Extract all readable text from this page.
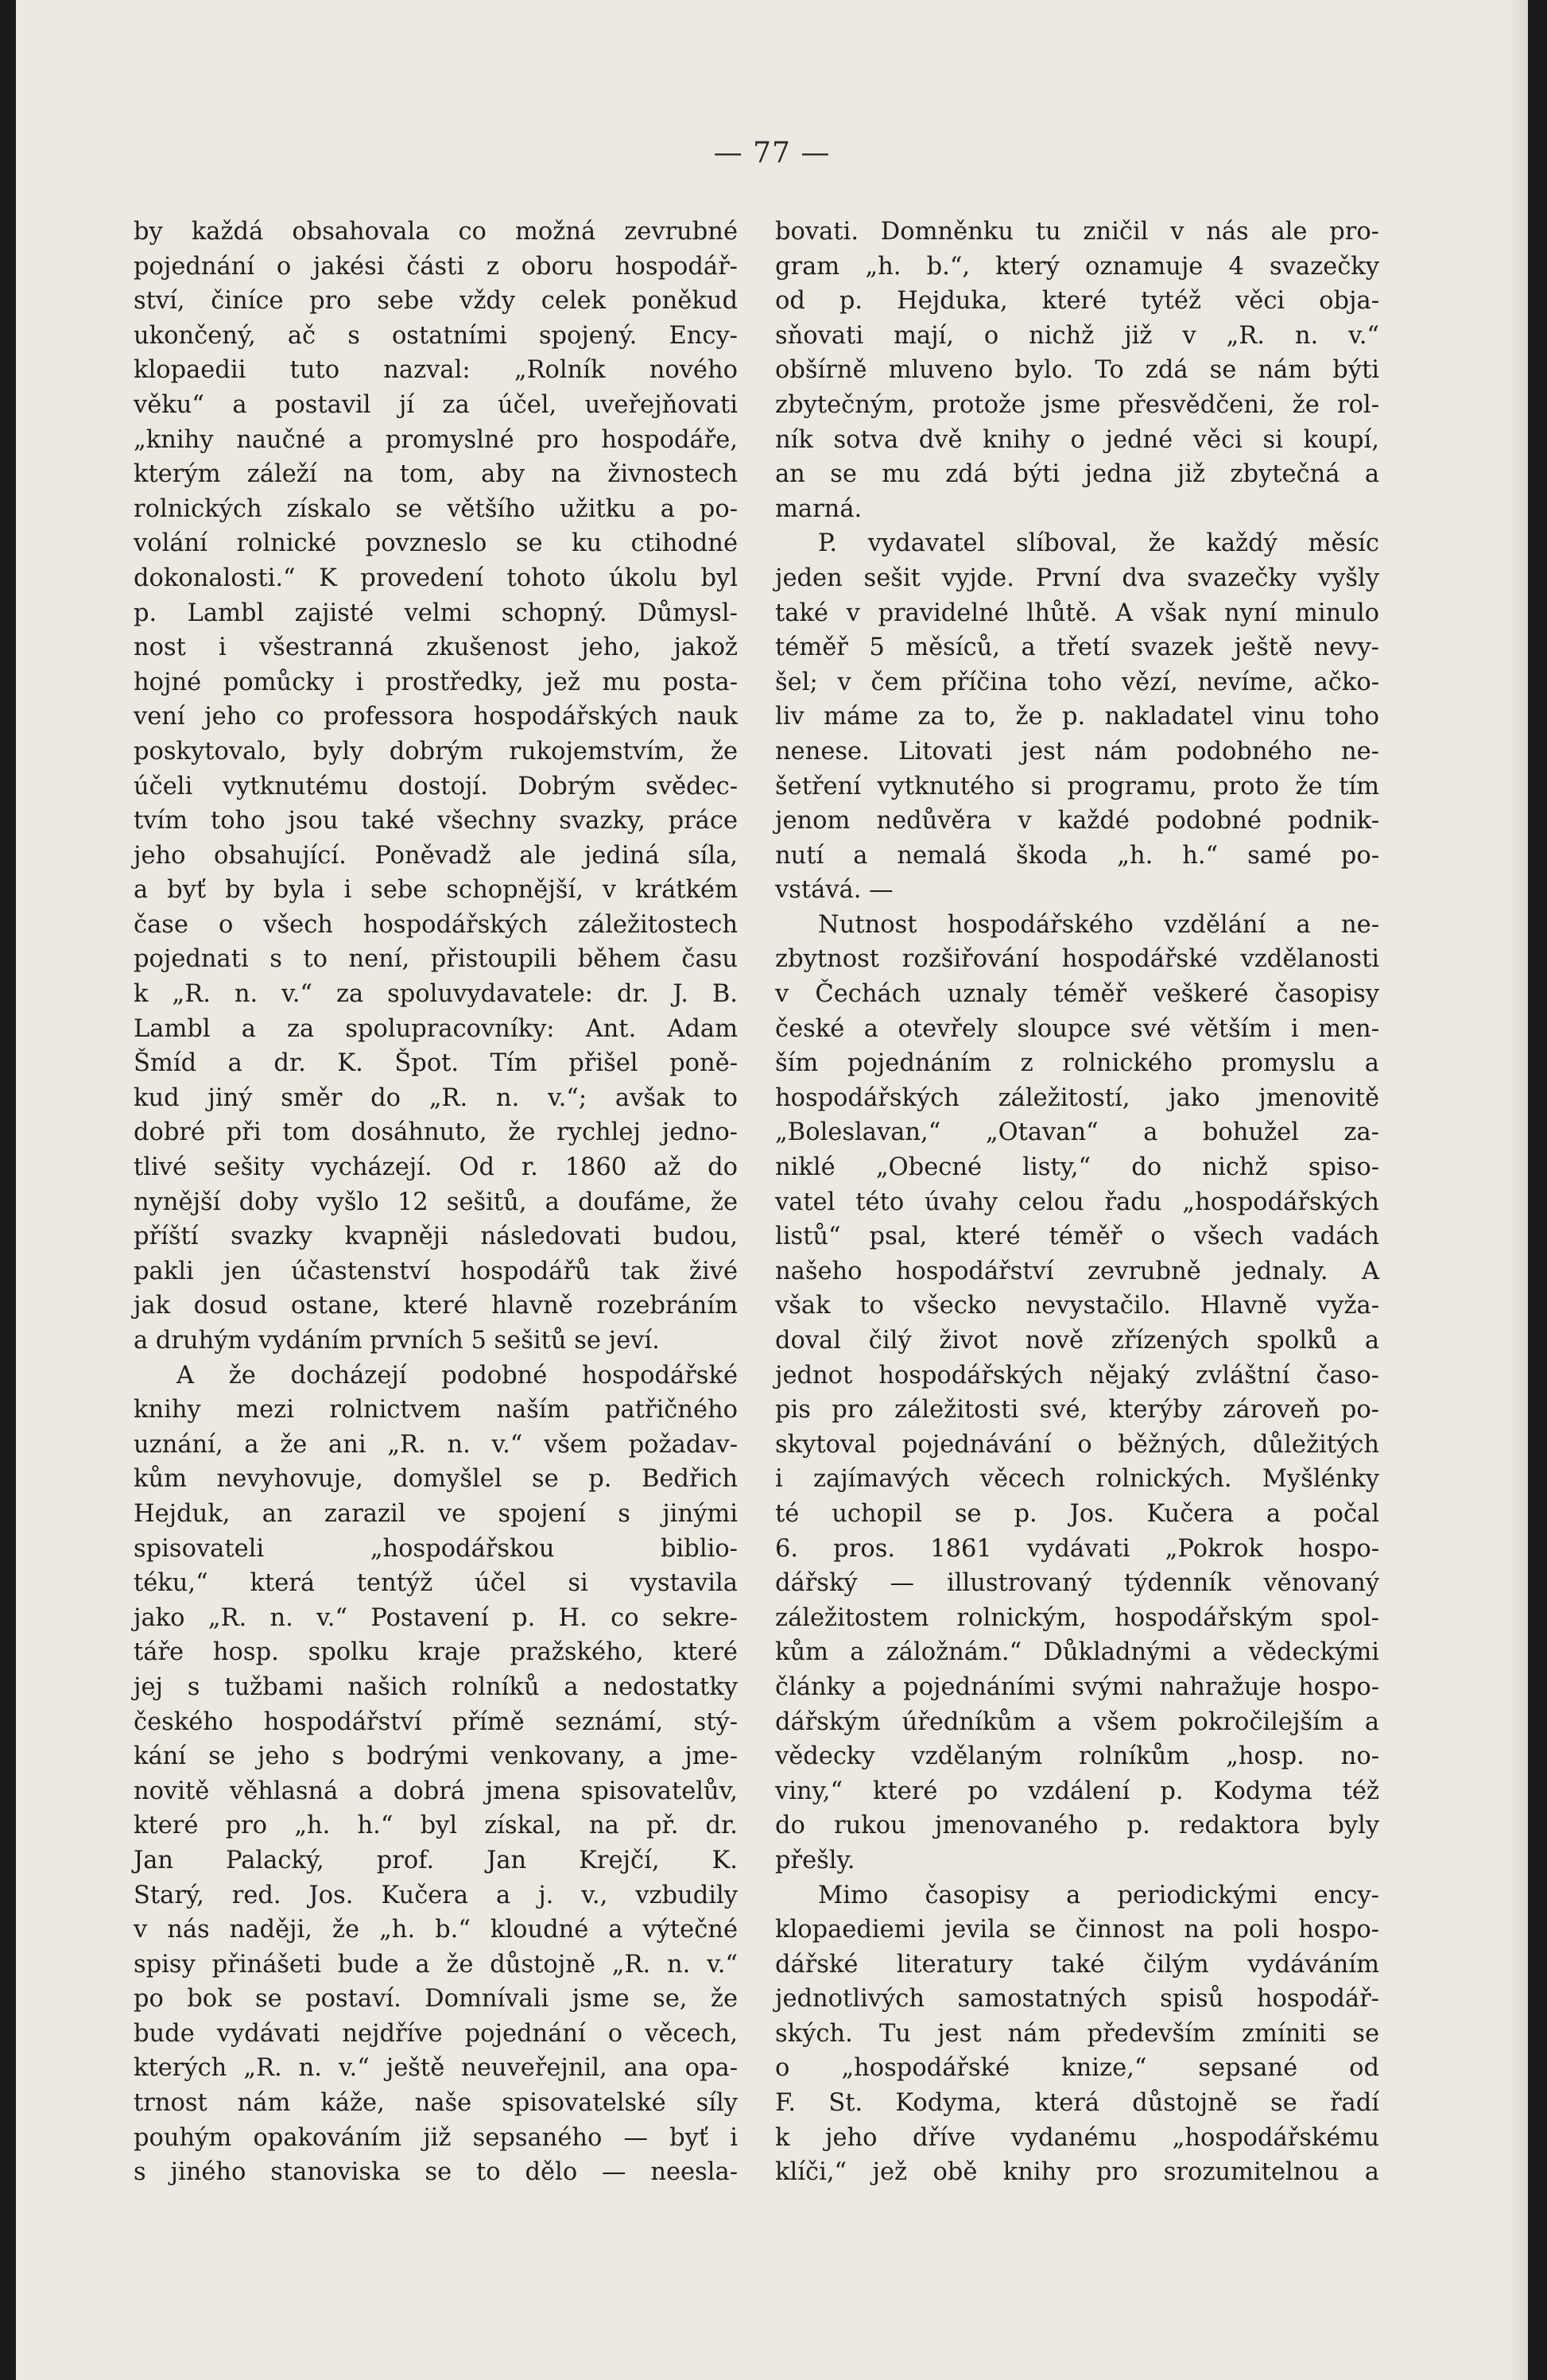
— 77 —
by každá obsahovala co možná zevrubné
pojednání o jakési části z oboru hospodář-
ství, činíce pro sebe vždy celek poněkud
ukončený, ač s ostatními spojený. Ency-
klopaedii tuto nazval: „Rolník nového
věku“ a postavil jí za účel, uveřejňovati
„knihy naučné a promyslné pro hospodáře,
kterým záleží na tom, aby na živnostech
rolnických získalo se většího užitku a po-
volání rolnické povzneslo se ku ctihodné
dokonalosti.“ K provedení tohoto úkolu byl
p. Lambl zajisté velmi schopný. Důmysl-
nost i všestranná zkušenost jeho, jakož
hojné pomůcky i prostředky, jež mu posta-
vení jeho co professora hospodářských nauk
poskytovalo, byly dobrým rukojemstvím, že
účeli vytknutému dostojí. Dobrým svědec-
tvím toho jsou také všechny svazky, práce
jeho obsahující. Poněvadž ale jediná síla,
a byť by byla i sebe schopnější, v krátkém
čase o všech hospodářských záležitostech
pojednati s to není, přistoupili během času
k „R. n. v.“ za spoluvydavatele: dr. J. B.
Lambl a za spolupracovníky: Ant. Adam
Šmíd a dr. K. Špot. Tím přišel poně-
kud jiný směr do „R. n. v.“; avšak to
dobré při tom dosáhnuto, že rychlej jedno-
tlivé sešity vycházejí. Od r. 1860 až do
nynější doby vyšlo 12 sešitů, a doufáme, že
příští svazky kvapněji následovati budou,
pakli jen účastenství hospodářů tak živé
jak dosud ostane, které hlavně rozebráním
a druhým vydáním prvních 5 sešitů se jeví.
A že docházejí podobné hospodářské
knihy mezi rolnictvem naším patřičného
uznání, a že ani „R. n. v.“ všem požadav-
kům nevyhovuje, domyšlel se p. Bedřich
Hejduk, an zarazil ve spojení s jinými
spisovateli „hospodářskou biblio-
téku,“ která tentýž účel si vystavila
jako „R. n. v.“ Postavení p. H. co sekre-
táře hosp. spolku kraje pražského, které
jej s tužbami našich rolníků a nedostatky
českého hospodářství přímě seznámí, stý-
kání se jeho s bodrými venkovany, a jme-
novitě věhlasná a dobrá jmena spisovatelův,
které pro „h. h.“ byl získal, na př. dr.
Jan Palacký, prof. Jan Krejčí, K.
Starý, red. Jos. Kučera a j. v., vzbudily
v nás naději, že „h. b.“ kloudné a výtečné
spisy přinášeti bude a že důstojně „R. n. v.“
po bok se postaví. Domnívali jsme se, že
bude vydávati nejdříve pojednání o věcech,
kterých „R. n. v.“ ještě neuveřejnil, ana opa-
trnost nám káže, naše spisovatelské síly
pouhým opakováním již sepsaného — byť i
s jiného stanoviska se to dělo — neeslа-
bovati. Domněnku tu zničil v nás ale pro-
gram „h. b.“, který oznamuje 4 svazečky
od p. Hejduka, které tytéž věci obja-
sňovati mají, o nichž již v „R. n. v.“
obšírně mluveno bylo. To zdá se nám býti
zbytečným, protože jsme přesvědčeni, že rol-
ník sotva dvě knihy o jedné věci si koupí,
an se mu zdá býti jedna již zbytečná a
marná.
P. vydavatel slíboval, že každý měsíc
jeden sešit vyjde. První dva svazečky vyšly
také v pravidelné lhůtě. A však nyní minulo
téměř 5 měsíců, a třetí svazek ještě nevy-
šel; v čem příčina toho vězí, nevíme, ačko-
liv máme za to, že p. nakladatel vinu toho
nenese. Litovati jest nám podobného ne-
šetření vytknutého si programu, proto že tím
jenom nedůvěra v každé podobné podnik-
nutí a nemalá škoda „h. h.“ samé po-
vstává. —
Nutnost hospodářského vzdělání a ne-
zbytnost rozšiřování hospodářské vzdělanosti
v Čechách uznaly téměř veškeré časopisy
české a otevřely sloupce své větším i men-
ším pojednáním z rolnického promyslu a
hospodářských záležitostí, jako jmenovitě
„Boleslavan,“ „Otavan“ a bohužel za-
niklé „Obecné listy,“ do nichž spiso-
vatel této úvahy celou řadu „hospodářských
listů“ psal, které téměř o všech vadách
našeho hospodářství zevrubně jednaly. A
však to všecko nevystačilo. Hlavně vyža-
doval čilý život nově zřízených spolků a
jednot hospodářských nějaký zvláštní časo-
pis pro záležitosti své, kterýby zároveň po-
skytoval pojednávání o běžných, důležitých
i zajímavých věcech rolnických. Myšlénky
té uchopil se p. Jos. Kučera a počal
6. pros. 1861 vydávati „Pokrok hospo-
dářský — illustrovaný týdenník věnovaný
záležitostem rolnickým, hospodářským spol-
kům a záložnám.“ Důkladnými a vědeckými
články a pojednáními svými nahražuje hospo-
dářským úředníkům a všem pokročilejším a
vědecky vzdělaným rolníkům „hosp. no-
viny,“ které po vzdálení p. Kodyma též
do rukou jmenovaného p. redaktora byly
přešly.
Mimo časopisy a periodickými ency-
klopaediemi jevila se činnost na poli hospo-
dářské literatury také čilým vydáváním
jednotlivých samostatných spisů hospodář-
ských. Tu jest nám především zmíniti se
o „hospodářské knize,“ sepsané od
F. St. Kodyma, která důstojně se řadí
k jeho dříve vydanému „hospodářskému
klíči,“ jež obě knihy pro srozumitelnou a
